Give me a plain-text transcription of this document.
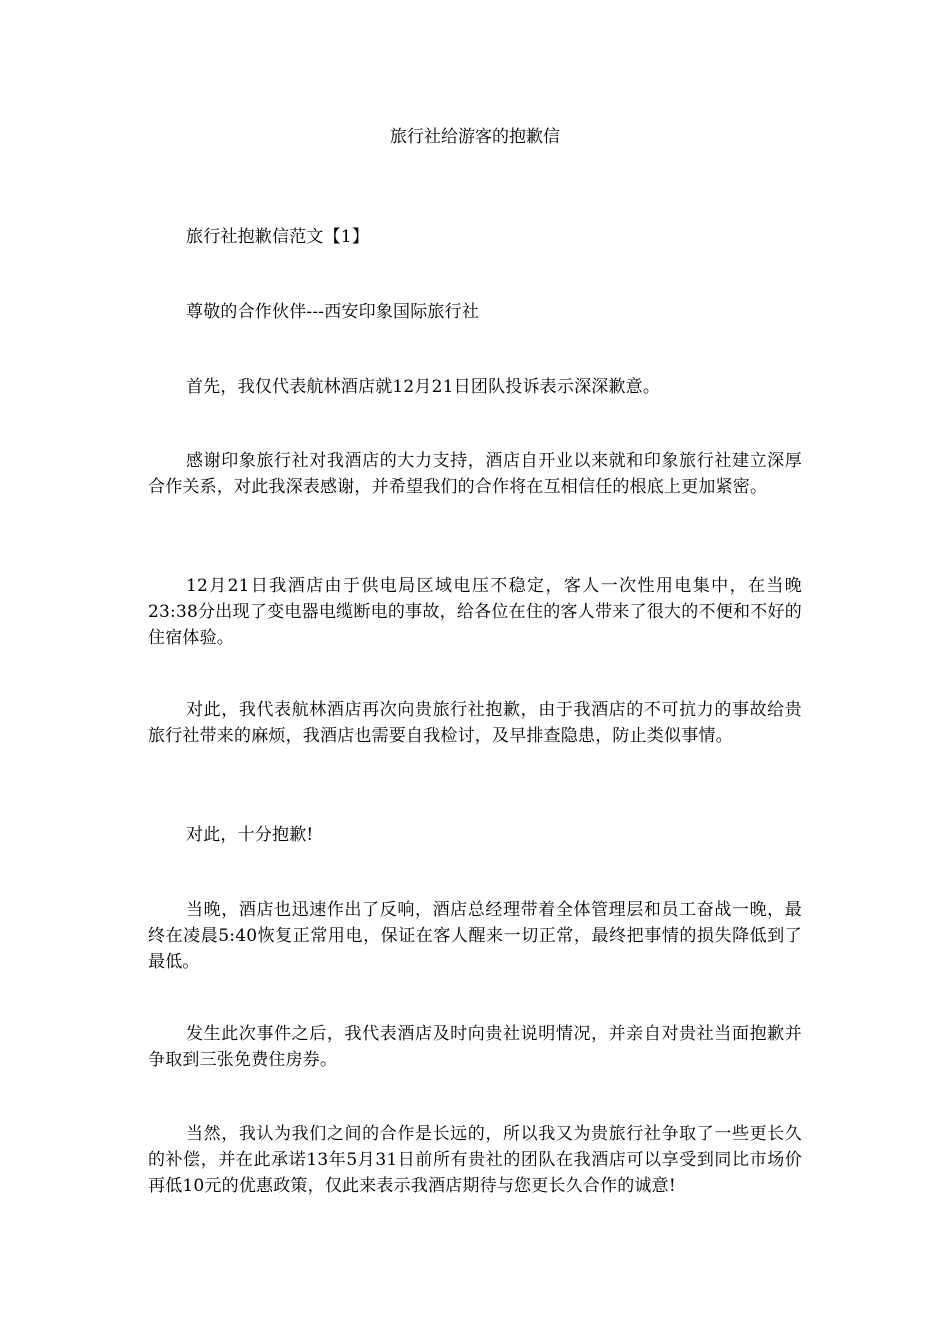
旅行社给游客的抱歉信

旅行社抱歉信范文【1】

尊敬的合作伙伴---西安印象国际旅行社

首先，我仅代表航林酒店就12月21日团队投诉表示深深歉意。

感谢印象旅行社对我酒店的大力支持，酒店自开业以来就和印象旅行社建立深厚合作关系，对此我深表感谢，并希望我们的合作将在互相信任的根底上更加紧密。

12月21日我酒店由于供电局区域电压不稳定，客人一次性用电集中，在当晚23:38分出现了变电器电缆断电的事故，给各位在住的客人带来了很大的不便和不好的住宿体验。

对此，我代表航林酒店再次向贵旅行社抱歉，由于我酒店的不可抗力的事故给贵旅行社带来的麻烦，我酒店也需要自我检讨，及早排查隐患，防止类似事情。

对此，十分抱歉!

当晚，酒店也迅速作出了反响，酒店总经理带着全体管理层和员工奋战一晚，最终在凌晨5:40恢复正常用电，保证在客人醒来一切正常，最终把事情的损失降低到了最低。

发生此次事件之后，我代表酒店及时向贵社说明情况，并亲自对贵社当面抱歉并争取到三张免费住房券。

当然，我认为我们之间的合作是长远的，所以我又为贵旅行社争取了一些更长久的补偿，并在此承诺13年5月31日前所有贵社的团队在我酒店可以享受到同比市场价再低10元的优惠政策，仅此来表示我酒店期待与您更长久合作的诚意!
